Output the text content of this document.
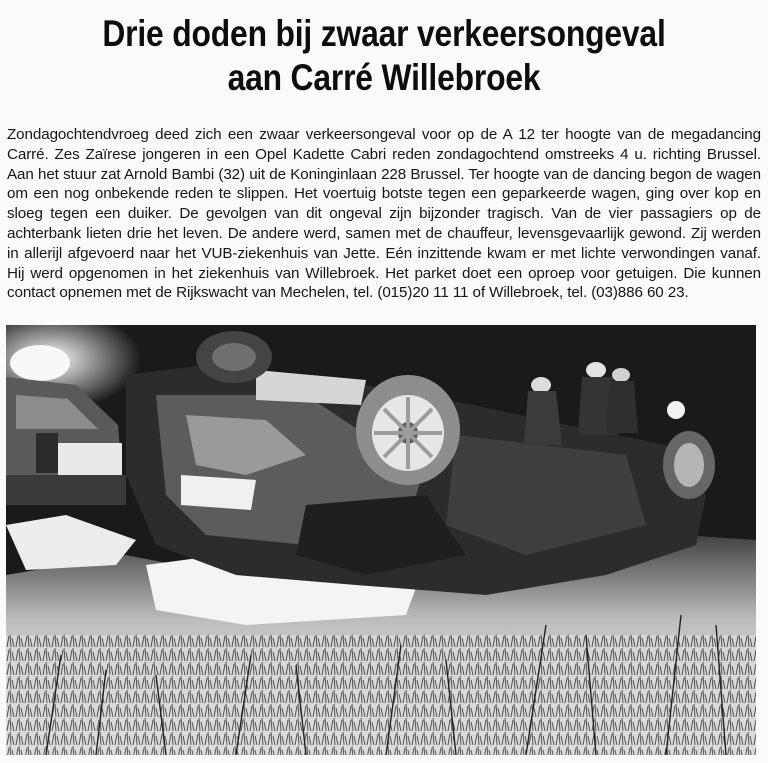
Drie doden bij zwaar verkeersongeval
aan Carré Willebroek

Zondagochtendvroeg deed zich een zwaar verkeersongeval voor op de A 12 ter hoogte van de megadancing Carré. Zes Zaïrese jongeren in een Opel Kadette Cabri reden zondagochtend omstreeks 4 u. richting Brussel. Aan het stuur zat Arnold Bambi (32) uit de Koninginlaan 228 Brussel. Ter hoogte van de dancing begon de wagen om een nog onbekende reden te slippen. Het voertuig botste tegen een geparkeerde wagen, ging over kop en sloeg tegen een duiker. De gevolgen van dit ongeval zijn bijzonder tragisch. Van de vier passagiers op de achterbank lieten drie het leven. De andere werd, samen met de chauffeur, levensgevaarlijk gewond. Zij werden in allerijl afgevoerd naar het VUB-ziekenhuis van Jette. Eén inzittende kwam er met lichte verwondingen vanaf. Hij werd opgenomen in het ziekenhuis van Willebroek. Het parket doet een oproep voor getuigen. Die kunnen contact opnemen met de Rijkswacht van Mechelen, tel. (015)20 11 11 of Willebroek, tel. (03)886 60 23.
